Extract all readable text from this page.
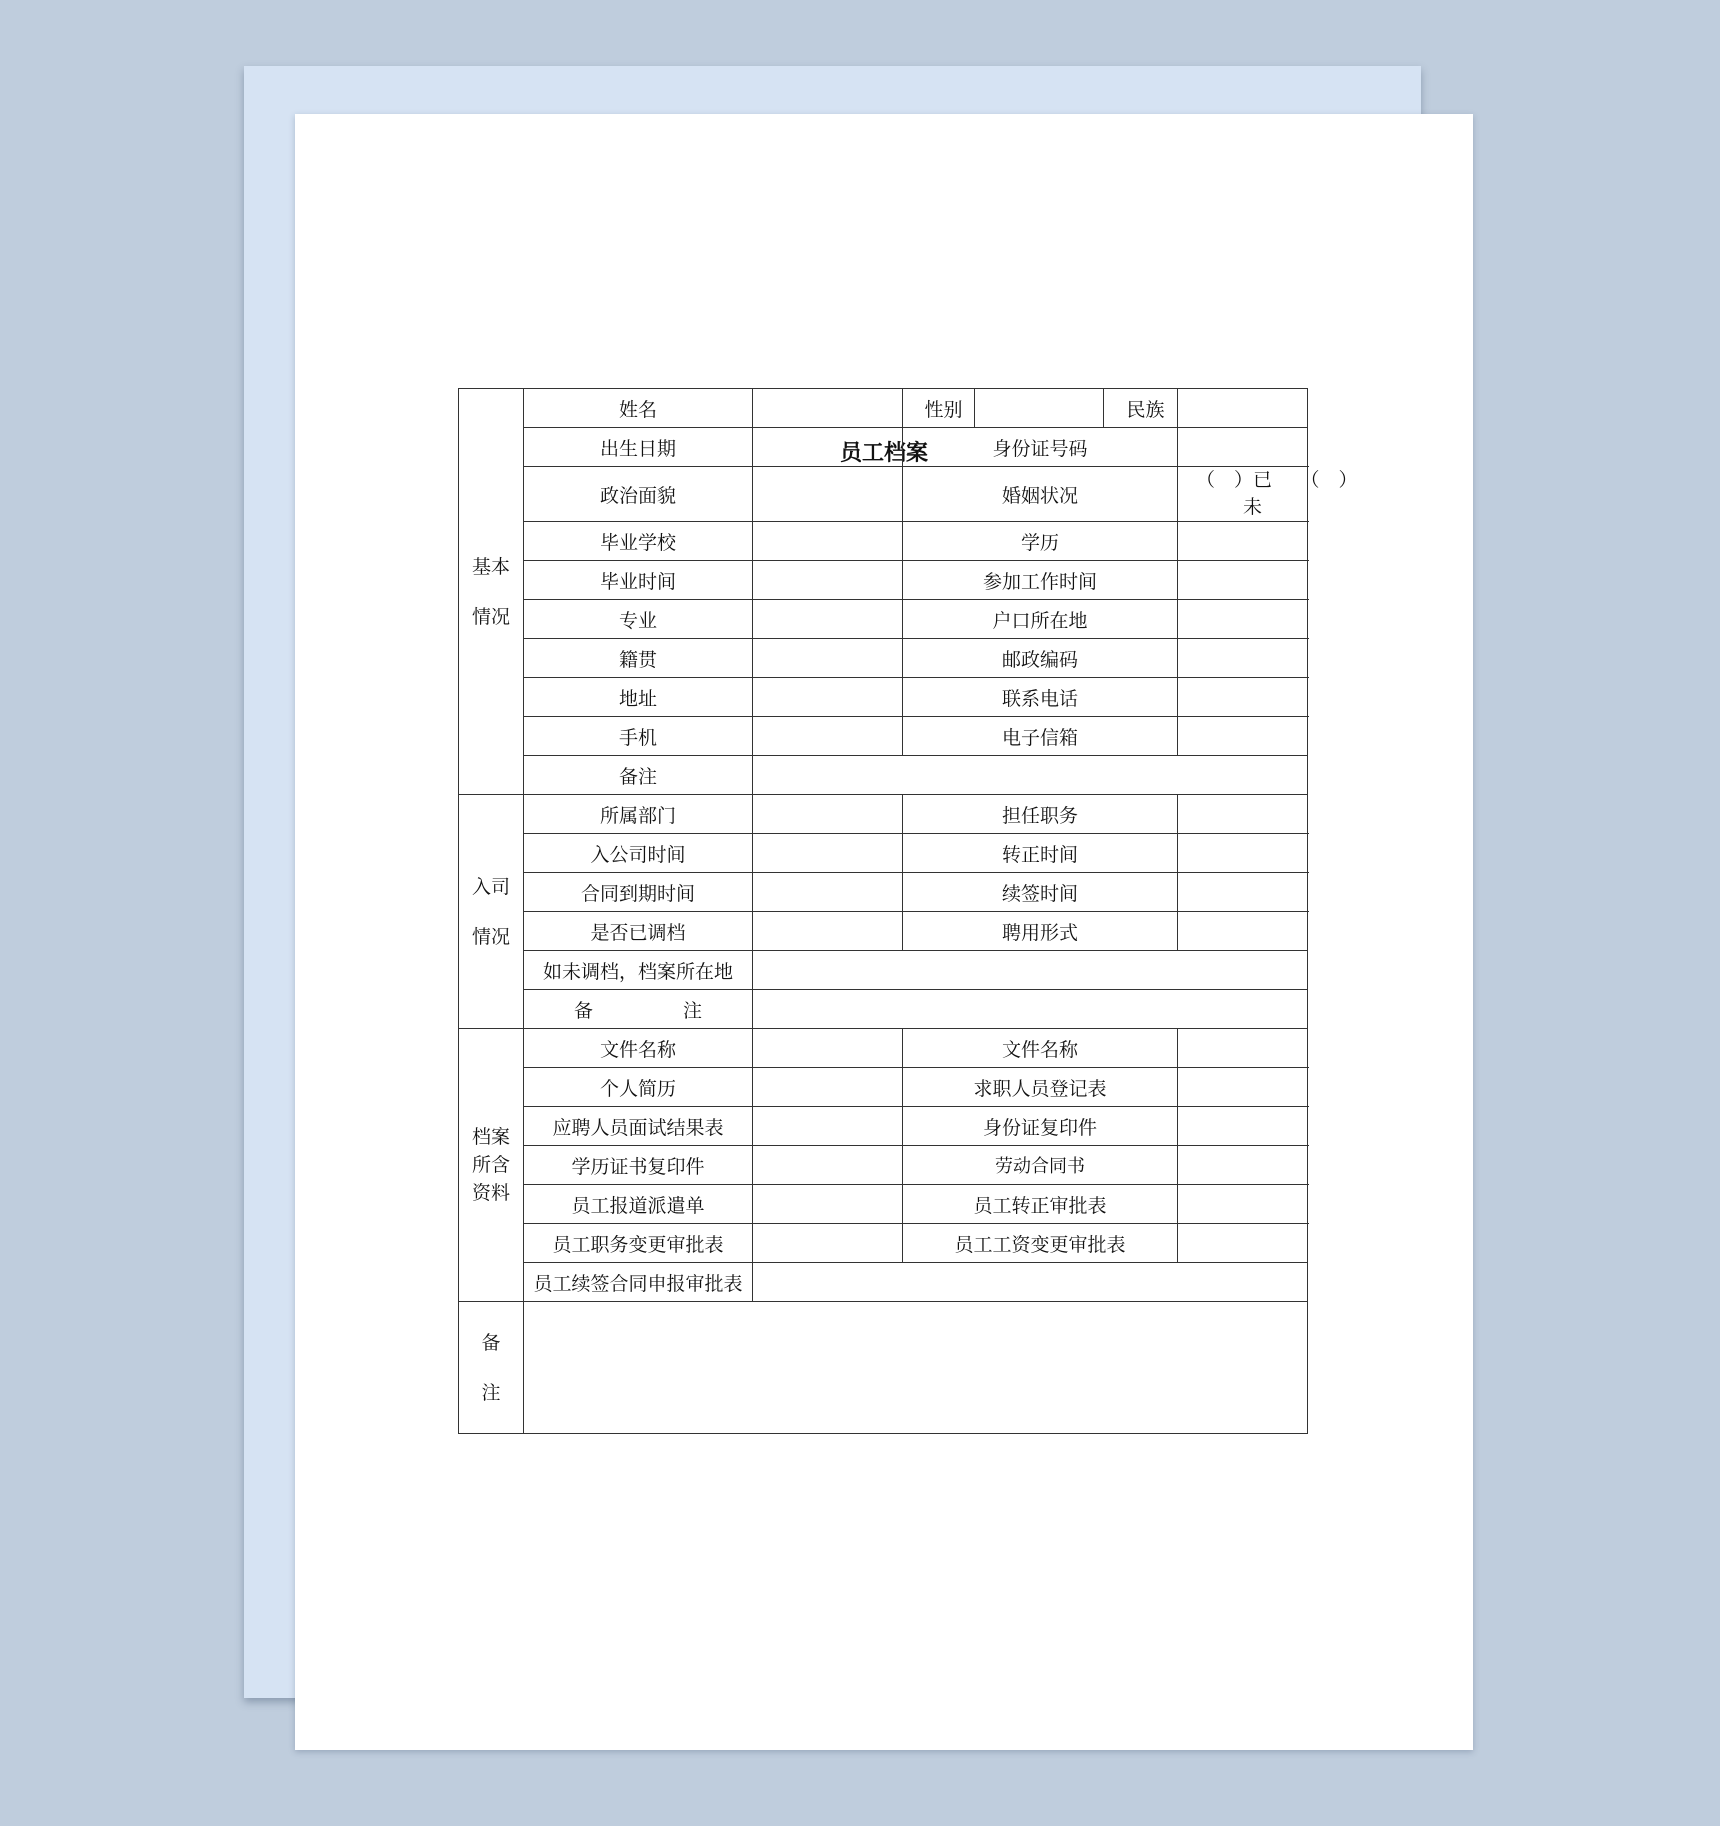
员工档案
基本
情况	姓名		性别		民族	
	出生日期		身份证号码			
	政治面貌		婚姻状况			（　）已　　（　）
未

	毕业学校		学历			
	毕业时间		参加工作时间			
	专业		户口所在地			
	籍贯		邮政编码			
	地址		联系电话			
	手机		电子信箱			
	备注					

入司
情况	所属部门		担任职务			
	入公司时间		转正时间			
	合同到期时间		续签时间			
	是否已调档		聘用形式			
	如未调档，档案所在地					
	备 注					

档案
所含
资料	文件名称		文件名称			
	个人简历		求职人员登记表			
	应聘人员面试结果表		身份证复印件			
	学历证书复印件		劳动合同书			
	员工报道派遣单		员工转正审批表			
	员工职务变更审批表		员工工资变更审批表			
	员工续签合同申报审批表					

备
注						
